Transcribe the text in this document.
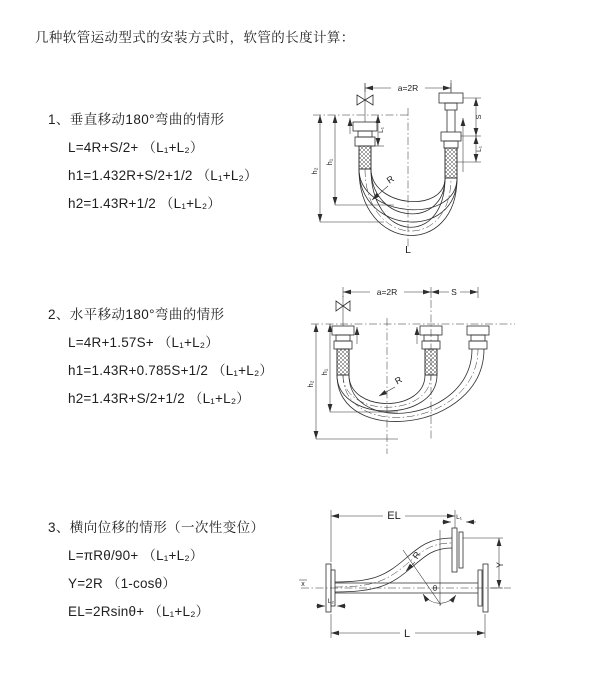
几种软管运动型式的安装方式时，软管的长度计算：
1、垂直移动180°弯曲的情形
L=4R+S/2+ （L₁+L₂）
h1=1.432R+S/2+1/2 （L₁+L₂）
h2=1.43R+1/2 （L₁+L₂）
2、水平移动180°弯曲的情形
L=4R+1.57S+ （L₁+L₂）
h1=1.43R+0.785S+1/2 （L₁+L₂）
h2=1.43R+S/2+1/2 （L₁+L₂）
3、横向位移的情形（一次性变位）
L=πRθ/90+ （L₁+L₂）
Y=2R （1-cosθ）
EL=2Rsinθ+ （L₁+L₂）
a=2R
h₂
h₁
L₁
S
L₁
R
L
a=2R	S
h₂
h₁
R
EL	L₁
x	θ
R
Y
L₂
L
